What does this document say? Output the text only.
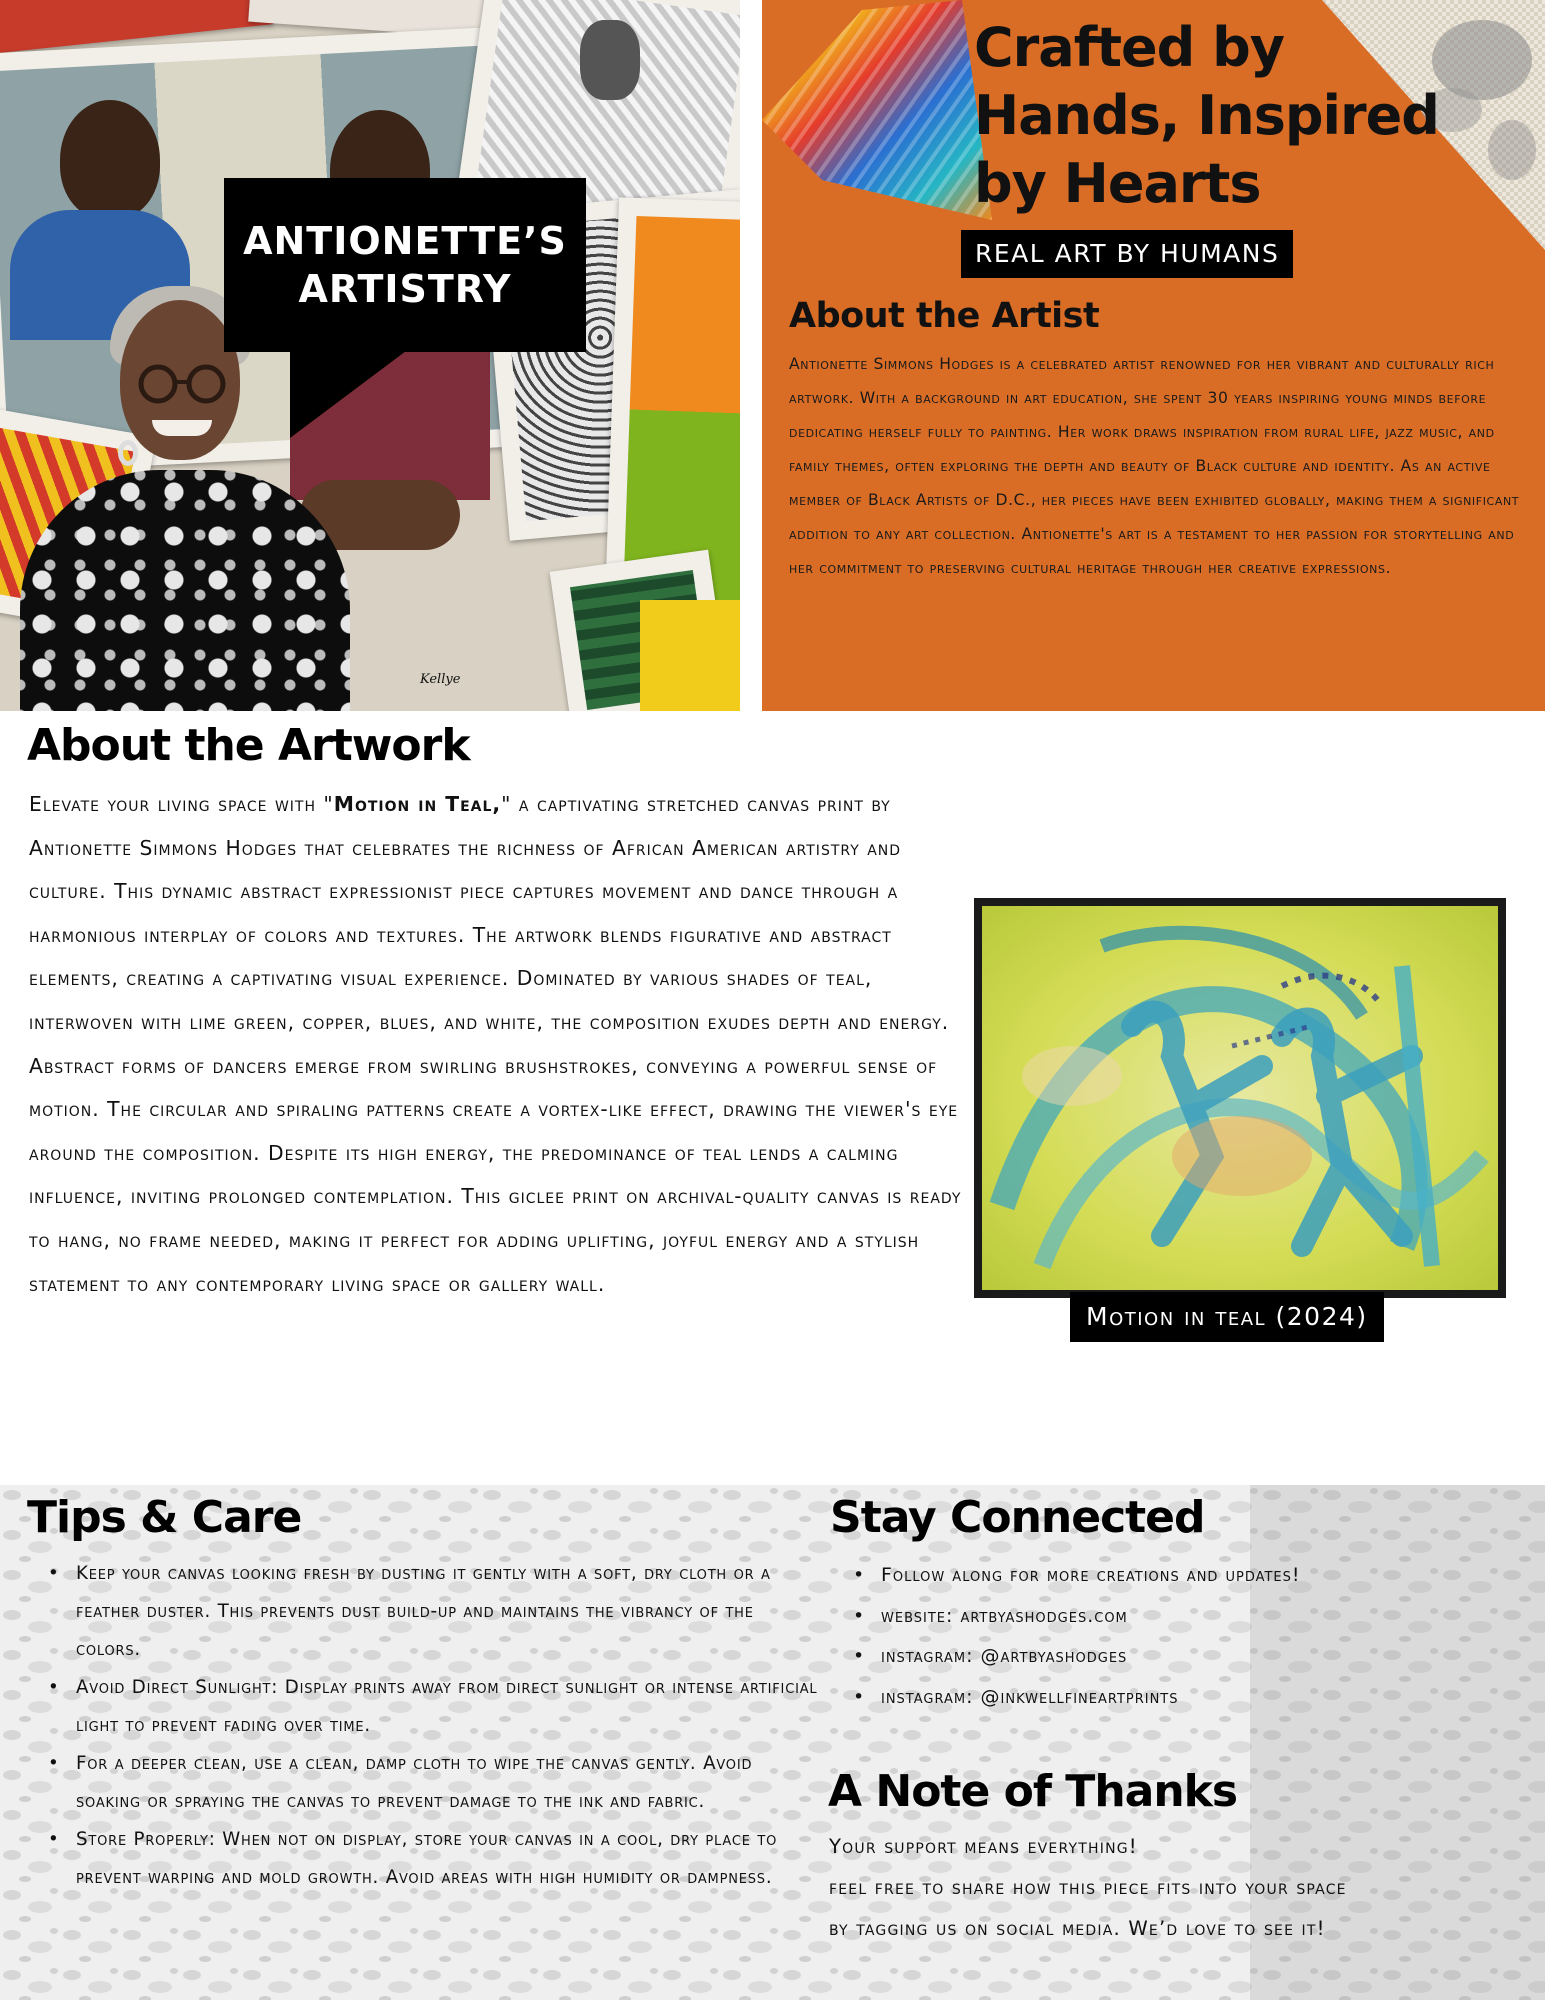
ANTIONETTE’S
ARTISTRY
Kellye
Crafted by
Hands, Inspired
by Hearts
REAL ART BY HUMANS
About the Artist
Antionette Simmons Hodges is a celebrated artist renowned for her vibrant and culturally rich artwork. With a background in art education, she spent 30 years inspiring young minds before dedicating herself fully to painting. Her work draws inspiration from rural life, jazz music, and family themes, often exploring the depth and beauty of Black culture and identity. As an active member of Black Artists of D.C., her pieces have been exhibited globally, making them a significant addition to any art collection. Antionette's art is a testament to her passion for storytelling and her commitment to preserving cultural heritage through her creative expressions.
About the Artwork
Elevate your living space with "Motion in Teal," a captivating stretched canvas print by Antionette Simmons Hodges that celebrates the richness of African American artistry and culture. This dynamic abstract expressionist piece captures movement and dance through a harmonious interplay of colors and textures. The artwork blends figurative and abstract elements, creating a captivating visual experience. Dominated by various shades of teal, interwoven with lime green, copper, blues, and white, the composition exudes depth and energy. Abstract forms of dancers emerge from swirling brushstrokes, conveying a powerful sense of motion. The circular and spiraling patterns create a vortex-like effect, drawing the viewer's eye around the composition. Despite its high energy, the predominance of teal lends a calming influence, inviting prolonged contemplation. This giclee print on archival-quality canvas is ready to hang, no frame needed, making it perfect for adding uplifting, joyful energy and a stylish statement to any contemporary living space or gallery wall.
Motion in teal (2024)
Tips & Care
• Keep your canvas looking fresh by dusting it gently with a soft, dry cloth or a feather duster. This prevents dust build-up and maintains the vibrancy of the colors.
• Avoid Direct Sunlight: Display prints away from direct sunlight or intense artificial light to prevent fading over time.
• For a deeper clean, use a clean, damp cloth to wipe the canvas gently. Avoid soaking or spraying the canvas to prevent damage to the ink and fabric.
• Store Properly: When not on display, store your canvas in a cool, dry place to prevent warping and mold growth. Avoid areas with high humidity or dampness.
Stay Connected
• Follow along for more creations and updates!
• website: artbyashodges.com
• instagram: @artbyashodges
• instagram: @inkwellfineartprints
A Note of Thanks
Your support means everything!
feel free to share how this piece fits into your space
by tagging us on social media. We’d love to see it!
